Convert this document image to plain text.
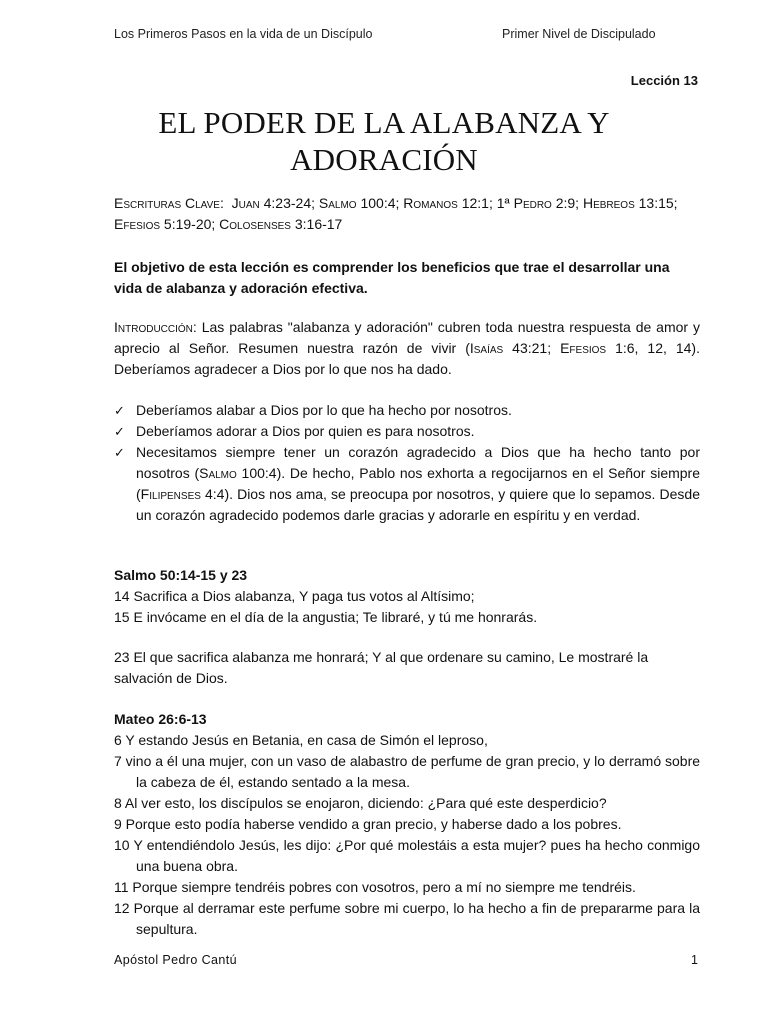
Los Primeros Pasos en la vida de un Discípulo	Primer Nivel de Discipulado
Lección 13
EL PODER DE LA ALABANZA Y
ADORACIÓN

Escrituras Clave:  Juan 4:23-24; Salmo 100:4; Romanos 12:1; 1ª Pedro 2:9; Hebreos 13:15; Efesios 5:19-20; Colosenses 3:16-17

El objetivo de esta lección es comprender los beneficios que trae el desarrollar una vida de alabanza y adoración efectiva.
Introducción: Las palabras "alabanza y adoración" cubren toda nuestra respuesta de amor y aprecio al Señor. Resumen nuestra razón de vivir (Isaías 43:21; Efesios 1:6, 12, 14). Deberíamos agradecer a Dios por lo que nos ha dado.
✓ Deberíamos alabar a Dios por lo que ha hecho por nosotros.
✓ Deberíamos adorar a Dios por quien es para nosotros.
✓ Necesitamos siempre tener un corazón agradecido a Dios que ha hecho tanto por nosotros (Salmo 100:4). De hecho, Pablo nos exhorta a regocijarnos en el Señor siempre (Filipenses 4:4). Dios nos ama, se preocupa por nosotros, y quiere que lo sepamos. Desde un corazón agradecido podemos darle gracias y adorarle en espíritu y en verdad.
Salmo 50:14-15 y 23
14 Sacrifica a Dios alabanza, Y paga tus votos al Altísimo;
15 E invócame en el día de la angustia; Te libraré, y tú me honrarás.
23 El que sacrifica alabanza me honrará; Y al que ordenare su camino, Le mostraré la salvación de Dios.
Mateo 26:6-13
6 Y estando Jesús en Betania, en casa de Simón el leproso,
7 vino a él una mujer, con un vaso de alabastro de perfume de gran precio, y lo derramó sobre la cabeza de él, estando sentado a la mesa.
8 Al ver esto, los discípulos se enojaron, diciendo: ¿Para qué este desperdicio?
9 Porque esto podía haberse vendido a gran precio, y haberse dado a los pobres.
10 Y entendiéndolo Jesús, les dijo: ¿Por qué molestáis a esta mujer? pues ha hecho conmigo una buena obra.
11 Porque siempre tendréis pobres con vosotros, pero a mí no siempre me tendréis.
12 Porque al derramar este perfume sobre mi cuerpo, lo ha hecho a fin de prepararme para la sepultura.
Apóstol Pedro Cantú	1
